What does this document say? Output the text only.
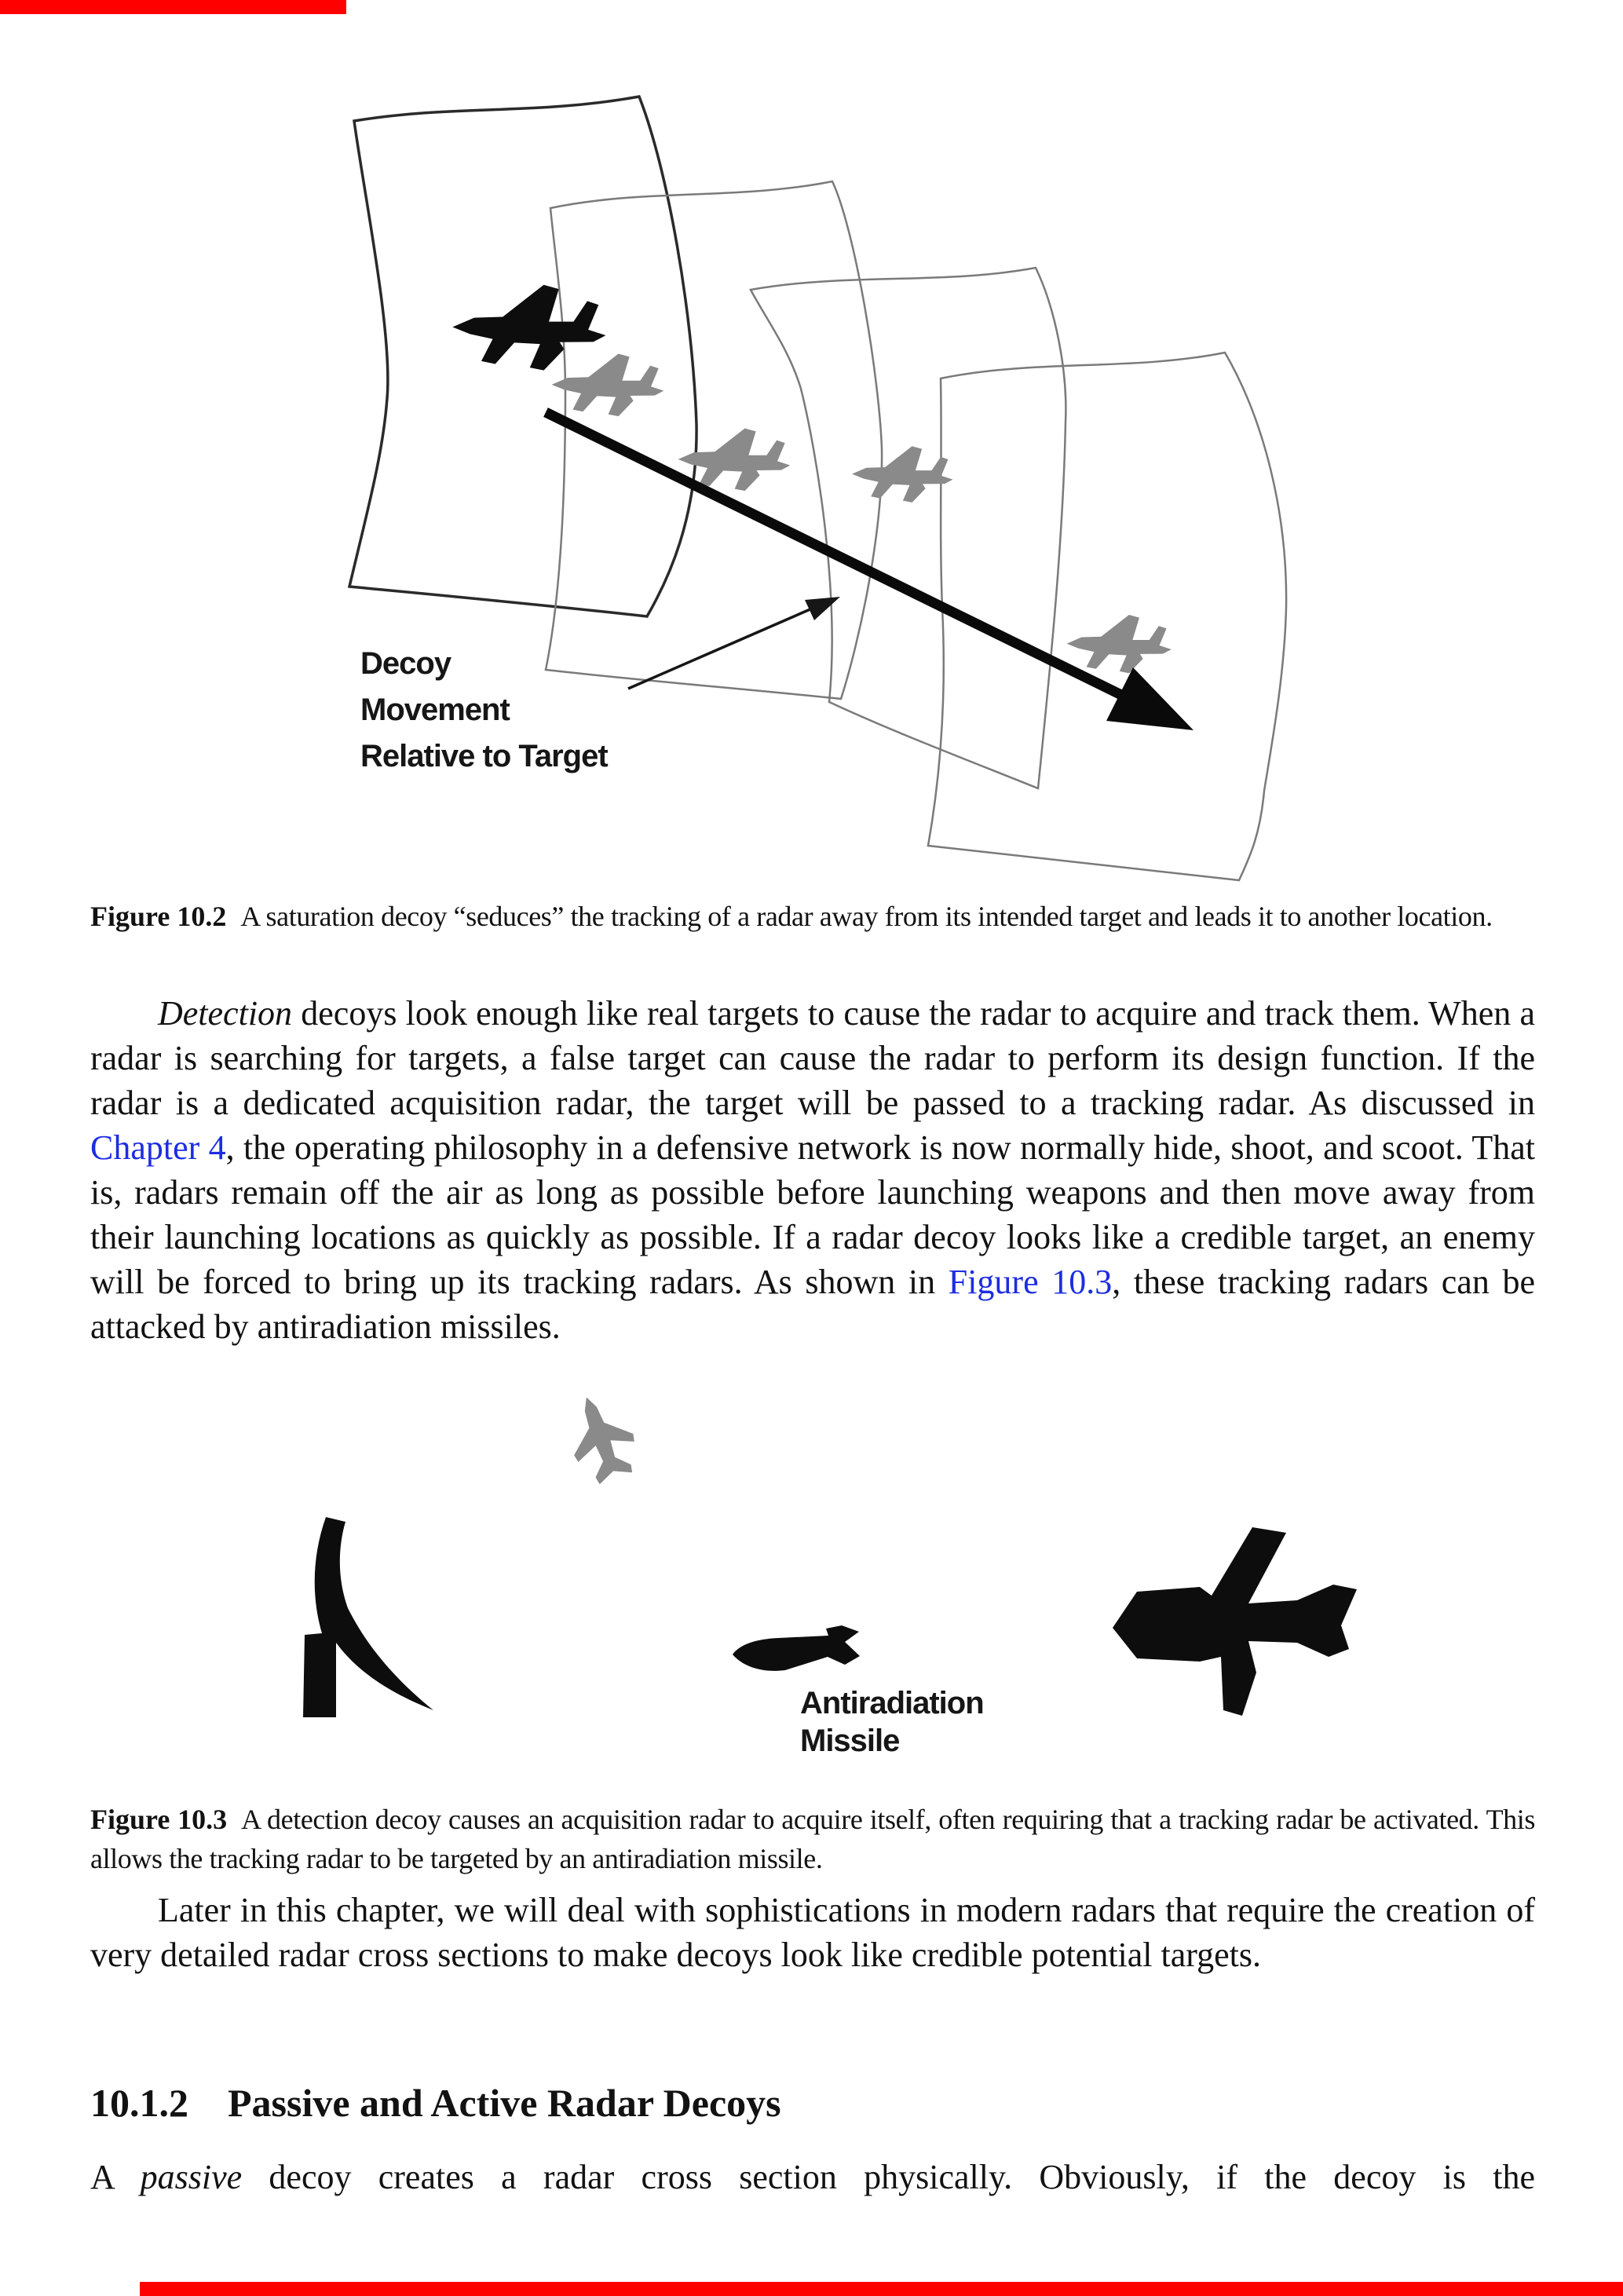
Decoy
Movement
Relative to Target
Figure 10.2 A saturation decoy “seduces” the tracking of a radar away from its intended target and leads it to another location.
Detection decoys look enough like real targets to cause the radar to acquire and track them. When a radar is searching for targets, a false target can cause the radar to perform its design function. If the radar is a dedicated acquisition radar, the target will be passed to a tracking radar. As discussed in Chapter 4, the operating philosophy in a defensive network is now normally hide, shoot, and scoot. That is, radars remain off the air as long as possible before launching weapons and then move away from their launching locations as quickly as possible. If a radar decoy looks like a credible target, an enemy will be forced to bring up its tracking radars. As shown in Figure 10.3, these tracking radars can be attacked by antiradiation missiles.
Antiradiation
Missile
Figure 10.3 A detection decoy causes an acquisition radar to acquire itself, often requiring that a tracking radar be activated. This allows the tracking radar to be targeted by an antiradiation missile.
Later in this chapter, we will deal with sophistications in modern radars that require the creation of very detailed radar cross sections to make decoys look like credible potential targets.
10.1.2 Passive and Active Radar Decoys
A passive decoy creates a radar cross section physically. Obviously, if the decoy is the
